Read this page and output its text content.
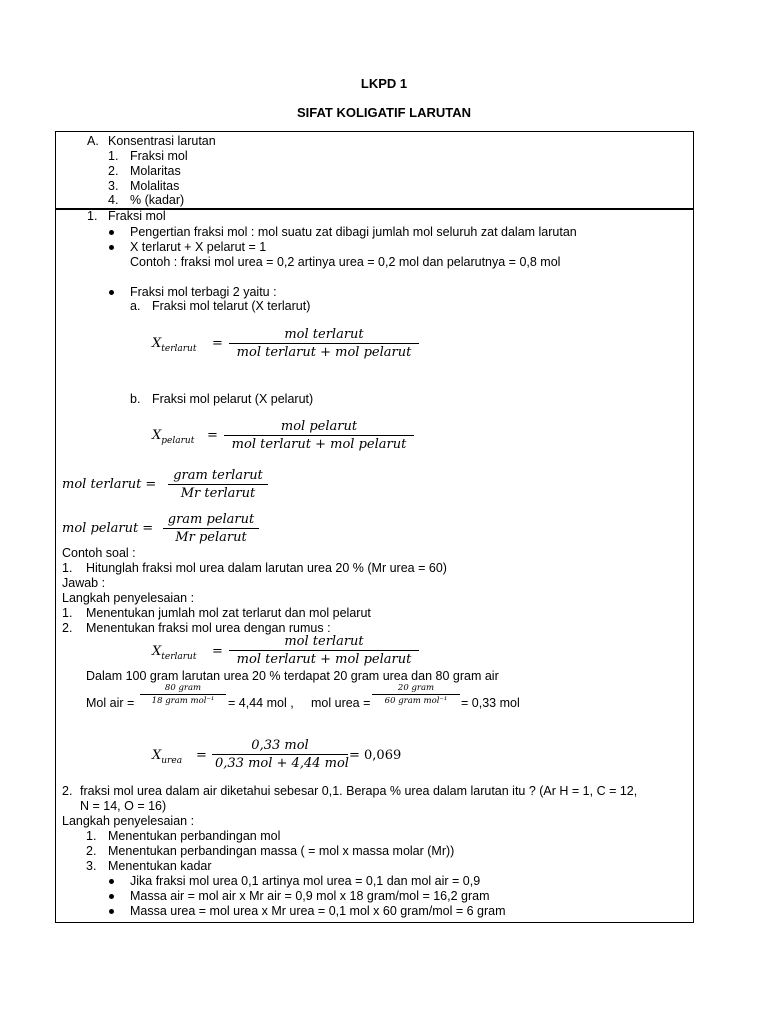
LKPD 1
SIFAT KOLIGATIF LARUTAN
A. Konsentrasi larutan
1. Fraksi mol
2. Molaritas
3. Molalitas
4. % (kadar)
1. Fraksi mol
Pengertian fraksi mol : mol suatu zat dibagi jumlah mol seluruh zat dalam larutan
X terlarut + X pelarut = 1
Contoh : fraksi mol urea = 0,2 artinya urea = 0,2 mol dan pelarutnya = 0,8 mol
Fraksi mol terbagi 2 yaitu :
a. Fraksi mol telarut (X terlarut)
$X_{terlarut}$ =
mol terlarut
mol terlarut + mol pelarut
b. Fraksi mol pelarut (X pelarut)
$X_{pelarut}$ =
mol pelarut
mol terlarut + mol pelarut
mol terlarut =
gram terlarut
Mr terlarut
mol pelarut =
gram pelarut
Mr pelarut
Contoh soal :
1. Hitunglah fraksi mol urea dalam larutan urea 20 % (Mr urea = 60)
Jawab :
Langkah penyelesaian :
1. Menentukan jumlah mol zat terlarut dan mol pelarut
2. Menentukan fraksi mol urea dengan rumus :
$X_{terlarut}$ =
mol terlarut
mol terlarut + mol pelarut
Dalam 100 gram larutan urea 20 % terdapat 20 gram urea dan 80 gram air
Mol air =
80 gram
18 gram mol⁻¹	= 4,44 mol , mol urea =
20 gram
60 gram mol⁻¹	= 0,33 mol
$X_{urea}$ =
0,33 mol
0,33 mol + 4,44 mol
= 0,069
2. fraksi mol urea dalam air diketahui sebesar 0,1. Berapa % urea dalam larutan itu ? (Ar H = 1, C = 12,
N = 14, O = 16)
Langkah penyelesaian :
1. Menentukan perbandingan mol
2. Menentukan perbandingan massa ( = mol x massa molar (Mr))
3. Menentukan kadar
Jika fraksi mol urea 0,1 artinya mol urea = 0,1 dan mol air = 0,9
Massa air = mol air x Mr air = 0,9 mol x 18 gram/mol = 16,2 gram
Massa urea = mol urea x Mr urea = 0,1 mol x 60 gram/mol = 6 gram
